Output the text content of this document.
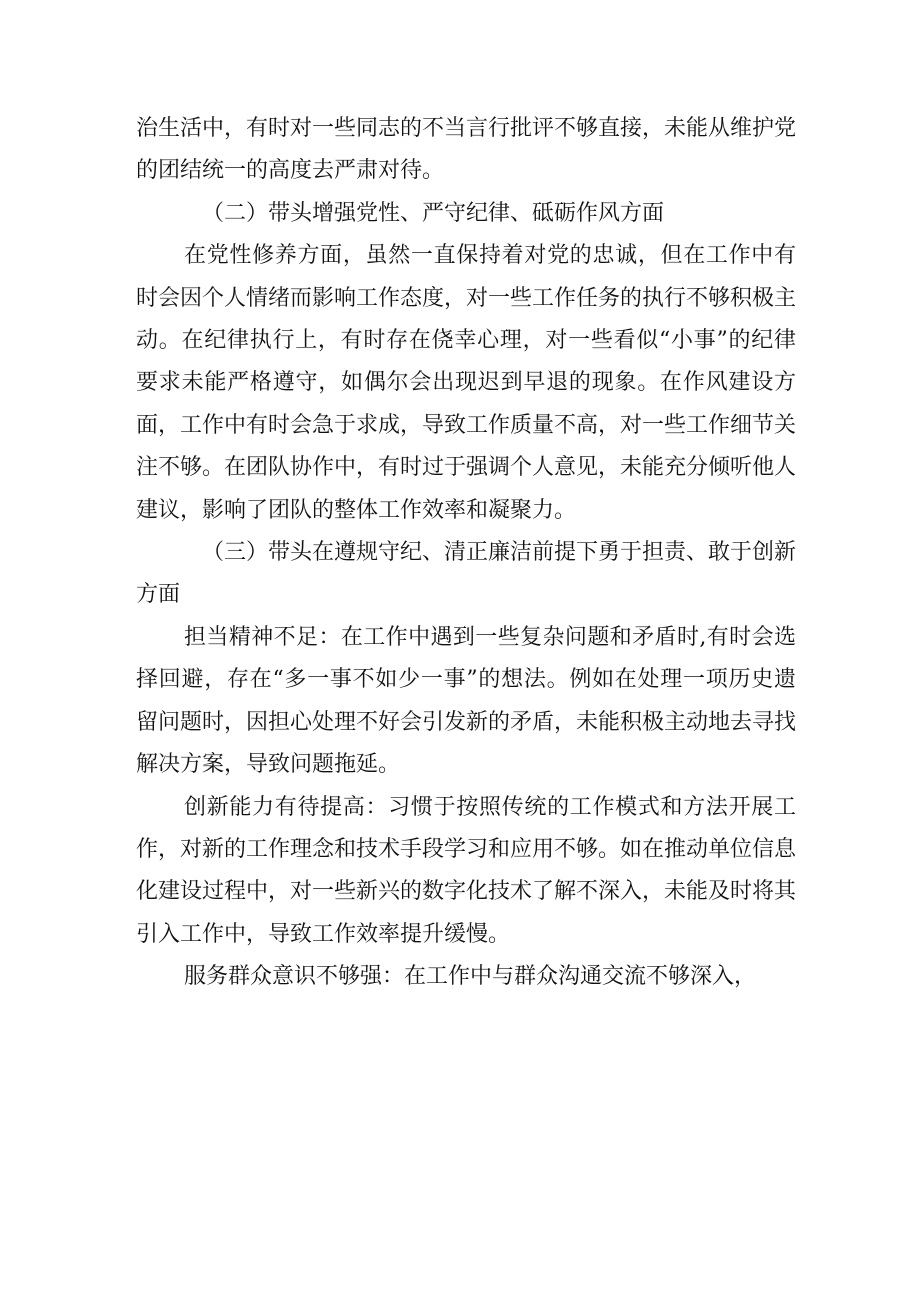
治生活中，有时对一些同志的不当言行批评不够直接，未能从维护党的团结统一的高度去严肃对待。

（二）带头增强党性、严守纪律、砥砺作风方面

在党性修养方面，虽然一直保持着对党的忠诚，但在工作中有时会因个人情绪而影响工作态度，对一些工作任务的执行不够积极主动。在纪律执行上，有时存在侥幸心理，对一些看似“小事”的纪律要求未能严格遵守，如偶尔会出现迟到早退的现象。在作风建设方面，工作中有时会急于求成，导致工作质量不高，对一些工作细节关注不够。在团队协作中，有时过于强调个人意见，未能充分倾听他人建议，影响了团队的整体工作效率和凝聚力。

（三）带头在遵规守纪、清正廉洁前提下勇于担责、敢于创新方面

担当精神不足：在工作中遇到一些复杂问题和矛盾时,有时会选择回避，存在“多一事不如少一事”的想法。例如在处理一项历史遗留问题时，因担心处理不好会引发新的矛盾，未能积极主动地去寻找解决方案，导致问题拖延。

创新能力有待提高：习惯于按照传统的工作模式和方法开展工作，对新的工作理念和技术手段学习和应用不够。如在推动单位信息化建设过程中，对一些新兴的数字化技术了解不深入，未能及时将其引入工作中，导致工作效率提升缓慢。

服务群众意识不够强：在工作中与群众沟通交流不够深入，
